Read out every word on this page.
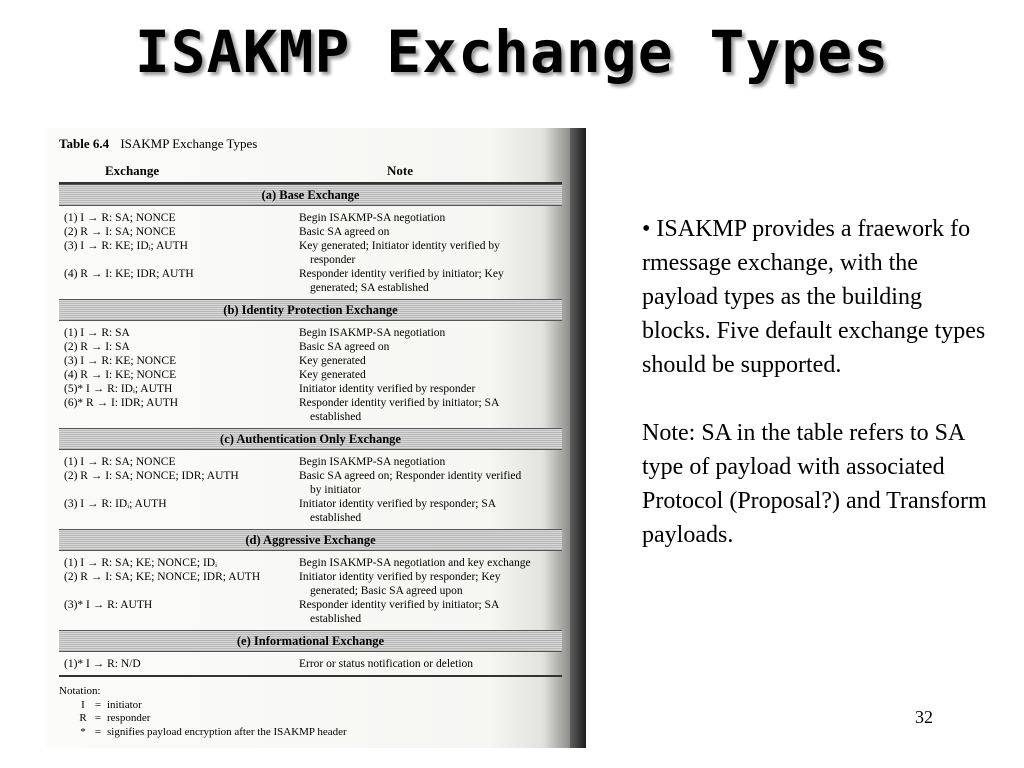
ISAKMP Exchange Types
Table 6.4 ISAKMP Exchange Types
Exchange	Note
(a) Base Exchange
(1) I → R: SA; NONCE	Begin ISAKMP-SA negotiation
(2) R → I: SA; NONCE	Basic SA agreed on
(3) I → R: KE; IDᵢ; AUTH	Key generated; Initiator identity verified by
responder
(4) R → I: KE; IDR; AUTH	Responder identity verified by initiator; Key
generated; SA established
(b) Identity Protection Exchange
(1) I → R: SA	Begin ISAKMP-SA negotiation
(2) R → I: SA	Basic SA agreed on
(3) I → R: KE; NONCE	Key generated
(4) R → I: KE; NONCE	Key generated
(5)* I → R: IDᵢ; AUTH	Initiator identity verified by responder
(6)* R → I: IDR; AUTH	Responder identity verified by initiator; SA
established
(c) Authentication Only Exchange
(1) I → R: SA; NONCE	Begin ISAKMP-SA negotiation
(2) R → I: SA; NONCE; IDR; AUTH	Basic SA agreed on; Responder identity verified
by initiator
(3) I → R: IDᵢ; AUTH	Initiator identity verified by responder; SA
established
(d) Aggressive Exchange
(1) I → R: SA; KE; NONCE; IDᵢ	Begin ISAKMP-SA negotiation and key exchange
(2) R → I: SA; KE; NONCE; IDR; AUTH	Initiator identity verified by responder; Key
generated; Basic SA agreed upon
(3)* I → R: AUTH	Responder identity verified by initiator; SA
established
(e) Informational Exchange
(1)* I → R: N/D	Error or status notification or deletion
Notation:
I = initiator
R = responder
* = signifies payload encryption after the ISAKMP header

• ISAKMP provides a fraework fo rmessage exchange, with the payload types as the building blocks. Five default exchange types should be supported.

Note: SA in the table refers to SA type of payload with associated Protocol (Proposal?) and Transform payloads.

32
